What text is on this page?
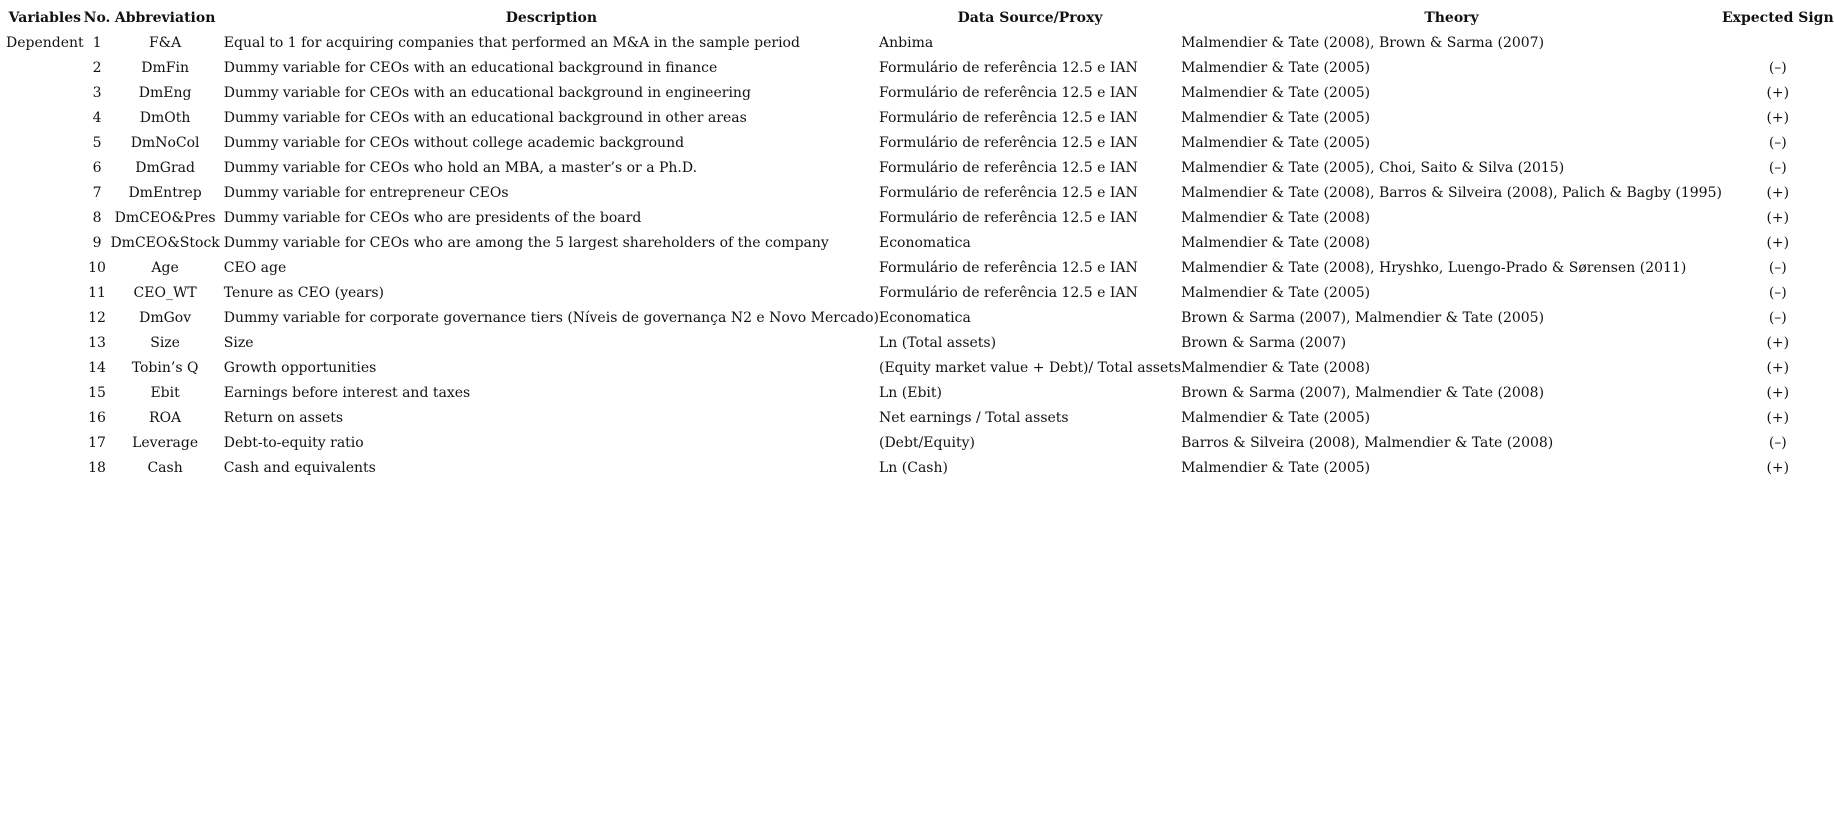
Variables	No.	Abbreviation	Description	Data Source/Proxy	Theory	Expected Sign
Dependent	1	F&A	Equal to 1 for acquiring companies that performed an M&A in the sample period	Anbima	Malmendier & Tate (2008), Brown & Sarma (2007)	
	2	DmFin	Dummy variable for CEOs with an educational background in finance	Formulário de referência 12.5 e IAN	Malmendier & Tate (2005)	(–)
	3	DmEng	Dummy variable for CEOs with an educational background in engineering	Formulário de referência 12.5 e IAN	Malmendier & Tate (2005)	(+)
	4	DmOth	Dummy variable for CEOs with an educational background in other areas	Formulário de referência 12.5 e IAN	Malmendier & Tate (2005)	(+)
	5	DmNoCol	Dummy variable for CEOs without college academic background	Formulário de referência 12.5 e IAN	Malmendier & Tate (2005)	(–)
	6	DmGrad	Dummy variable for CEOs who hold an MBA, a master’s or a Ph.D.	Formulário de referência 12.5 e IAN	Malmendier & Tate (2005), Choi, Saito & Silva (2015)	(–)
	7	DmEntrep	Dummy variable for entrepreneur CEOs	Formulário de referência 12.5 e IAN	Malmendier & Tate (2008), Barros & Silveira (2008), Palich & Bagby (1995)	(+)
	8	DmCEO&Pres	Dummy variable for CEOs who are presidents of the board	Formulário de referência 12.5 e IAN	Malmendier & Tate (2008)	(+)
	9	DmCEO&Stock	Dummy variable for CEOs who are among the 5 largest shareholders of the company	Economatica	Malmendier & Tate (2008)	(+)
	10	Age	CEO age	Formulário de referência 12.5 e IAN	Malmendier & Tate (2008), Hryshko, Luengo-Prado & Sørensen (2011)	(–)
	11	CEO_WT	Tenure as CEO (years)	Formulário de referência 12.5 e IAN	Malmendier & Tate (2005)	(–)
	12	DmGov	Dummy variable for corporate governance tiers (Níveis de governança N2 e Novo Mercado)	Economatica	Brown & Sarma (2007), Malmendier & Tate (2005)	(–)
	13	Size	Size	Ln (Total assets)	Brown & Sarma (2007)	(+)
	14	Tobin’s Q	Growth opportunities	(Equity market value + Debt)/ Total assets	Malmendier & Tate (2008)	(+)
	15	Ebit	Earnings before interest and taxes	Ln (Ebit)	Brown & Sarma (2007), Malmendier & Tate (2008)	(+)
	16	ROA	Return on assets	Net earnings / Total assets	Malmendier & Tate (2005)	(+)
	17	Leverage	Debt-to-equity ratio	(Debt/Equity)	Barros & Silveira (2008), Malmendier & Tate (2008)	(–)
	18	Cash	Cash and equivalents	Ln (Cash)	Malmendier & Tate (2005)	(+)
